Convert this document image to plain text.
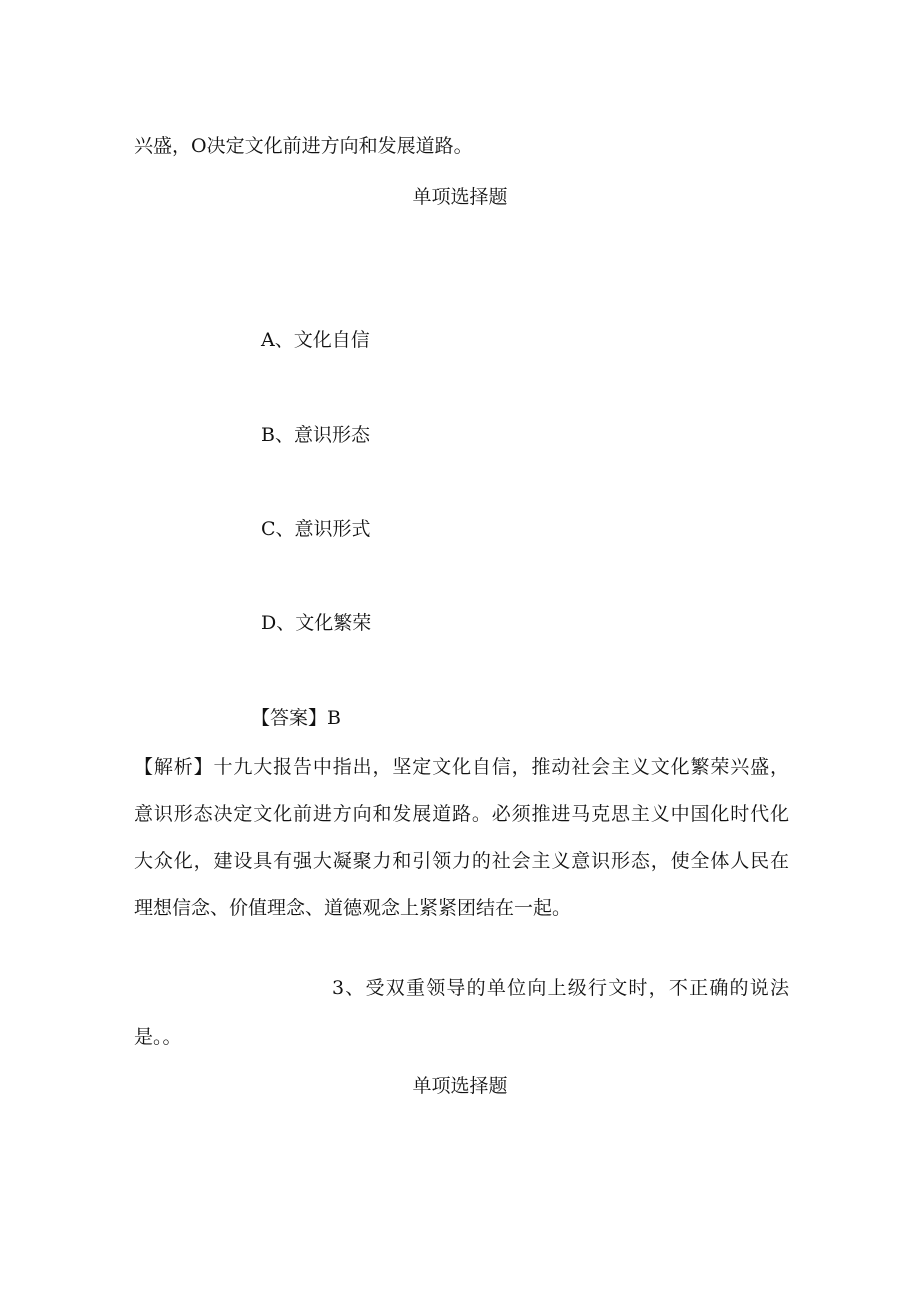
兴盛，O决定文化前进方向和发展道路。
单项选择题
A、文化自信
B、意识形态
C、意识形式
D、文化繁荣
【答案】B
【解析】十九大报告中指出，坚定文化自信，推动社会主义文化繁荣兴盛，
意识形态决定文化前进方向和发展道路。必须推进马克思主义中国化时代化
大众化，建设具有强大凝聚力和引领力的社会主义意识形态，使全体人民在
理想信念、价值理念、道德观念上紧紧团结在一起。
3、受双重领导的单位向上级行文时，不正确的说法
是。。
单项选择题
